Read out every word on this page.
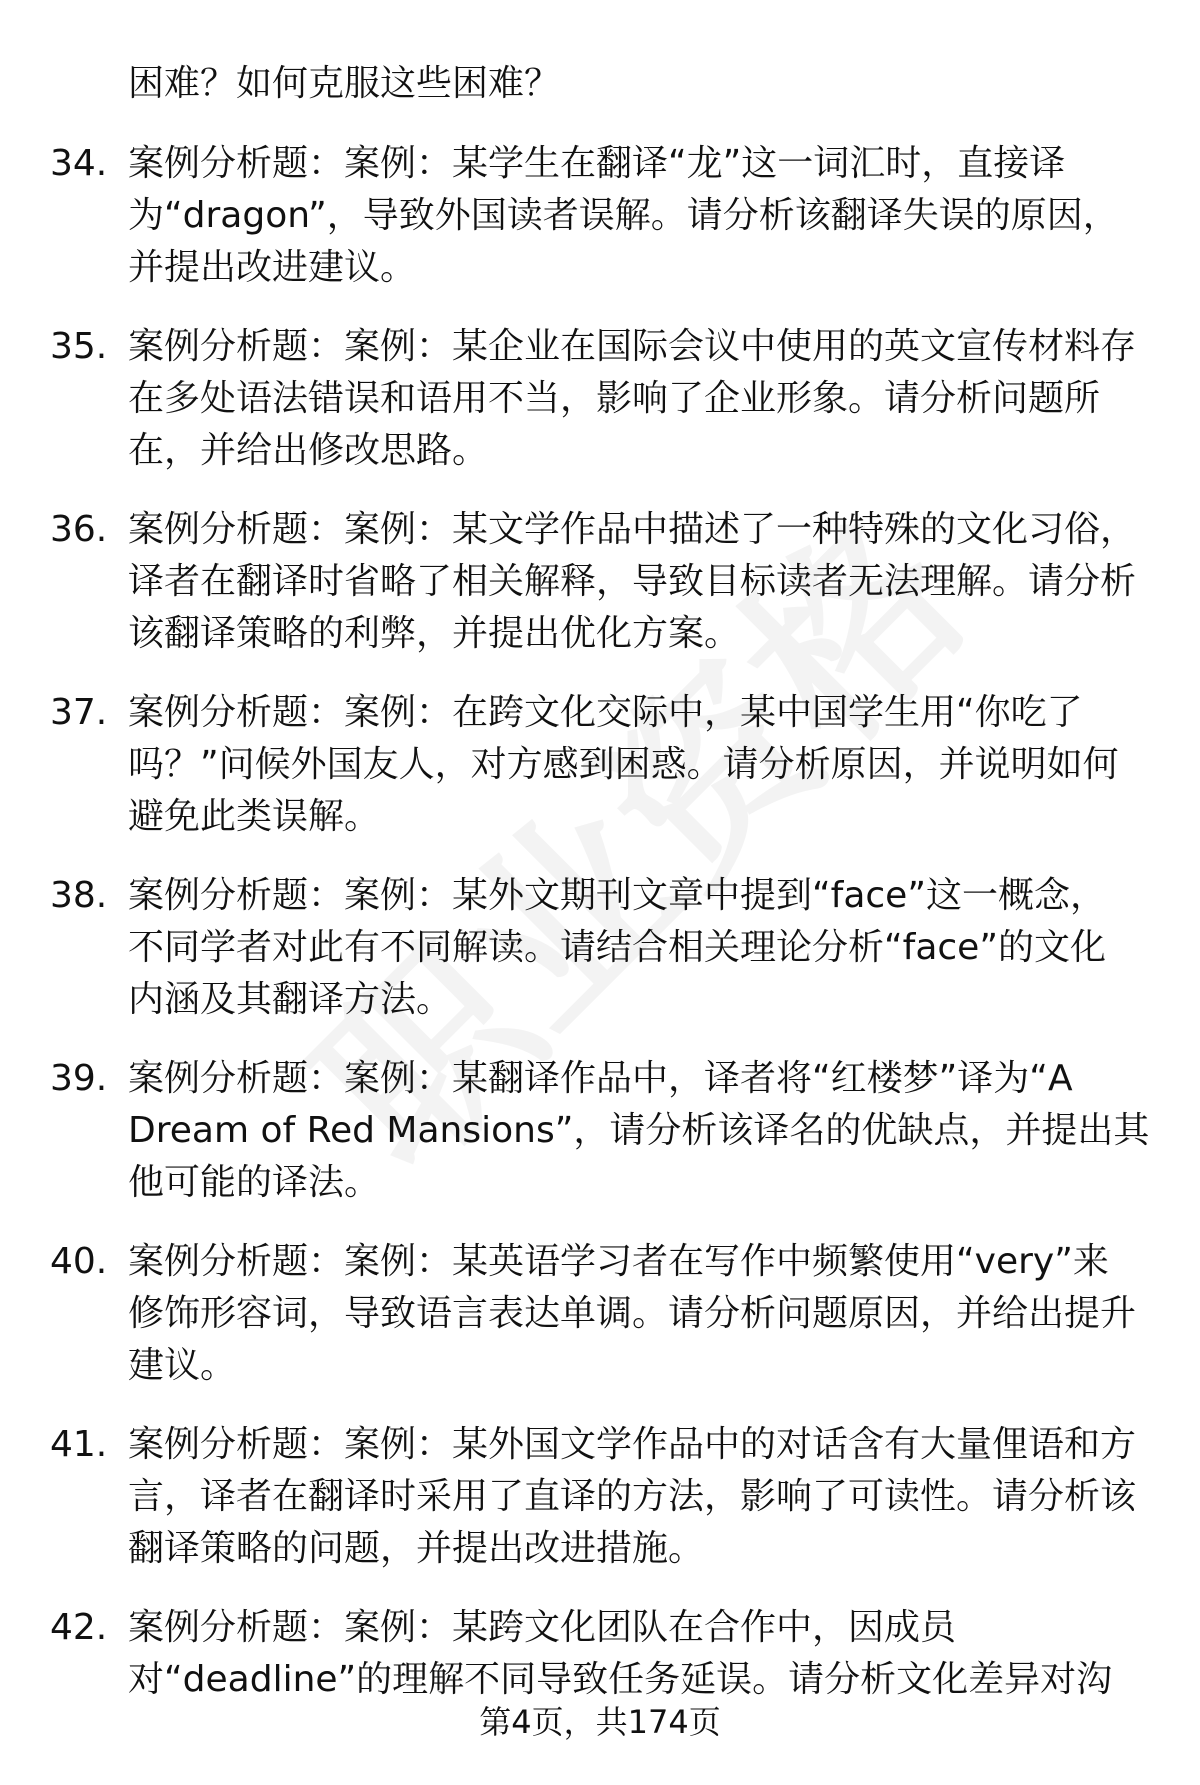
困难？如何克服这些困难？
34. 案例分析题：案例：某学生在翻译“龙”这一词汇时，直接译
为“dragon”，导致外国读者误解。请分析该翻译失误的原因，
并提出改进建议。
35. 案例分析题：案例：某企业在国际会议中使用的英文宣传材料存
在多处语法错误和语用不当，影响了企业形象。请分析问题所
在，并给出修改思路。
36. 案例分析题：案例：某文学作品中描述了一种特殊的文化习俗，
译者在翻译时省略了相关解释，导致目标读者无法理解。请分析
该翻译策略的利弊，并提出优化方案。
37. 案例分析题：案例：在跨文化交际中，某中国学生用“你吃了
吗？”问候外国友人，对方感到困惑。请分析原因，并说明如何
避免此类误解。
38. 案例分析题：案例：某外文期刊文章中提到“face”这一概念，
不同学者对此有不同解读。请结合相关理论分析“face”的文化
内涵及其翻译方法。
39. 案例分析题：案例：某翻译作品中，译者将“红楼梦”译为“A
Dream of Red Mansions”，请分析该译名的优缺点，并提出其
他可能的译法。
40. 案例分析题：案例：某英语学习者在写作中频繁使用“very”来
修饰形容词，导致语言表达单调。请分析问题原因，并给出提升
建议。
41. 案例分析题：案例：某外国文学作品中的对话含有大量俚语和方
言，译者在翻译时采用了直译的方法，影响了可读性。请分析该
翻译策略的问题，并提出改进措施。
42. 案例分析题：案例：某跨文化团队在合作中，因成员
对“deadline”的理解不同导致任务延误。请分析文化差异对沟
第4页，共174页
